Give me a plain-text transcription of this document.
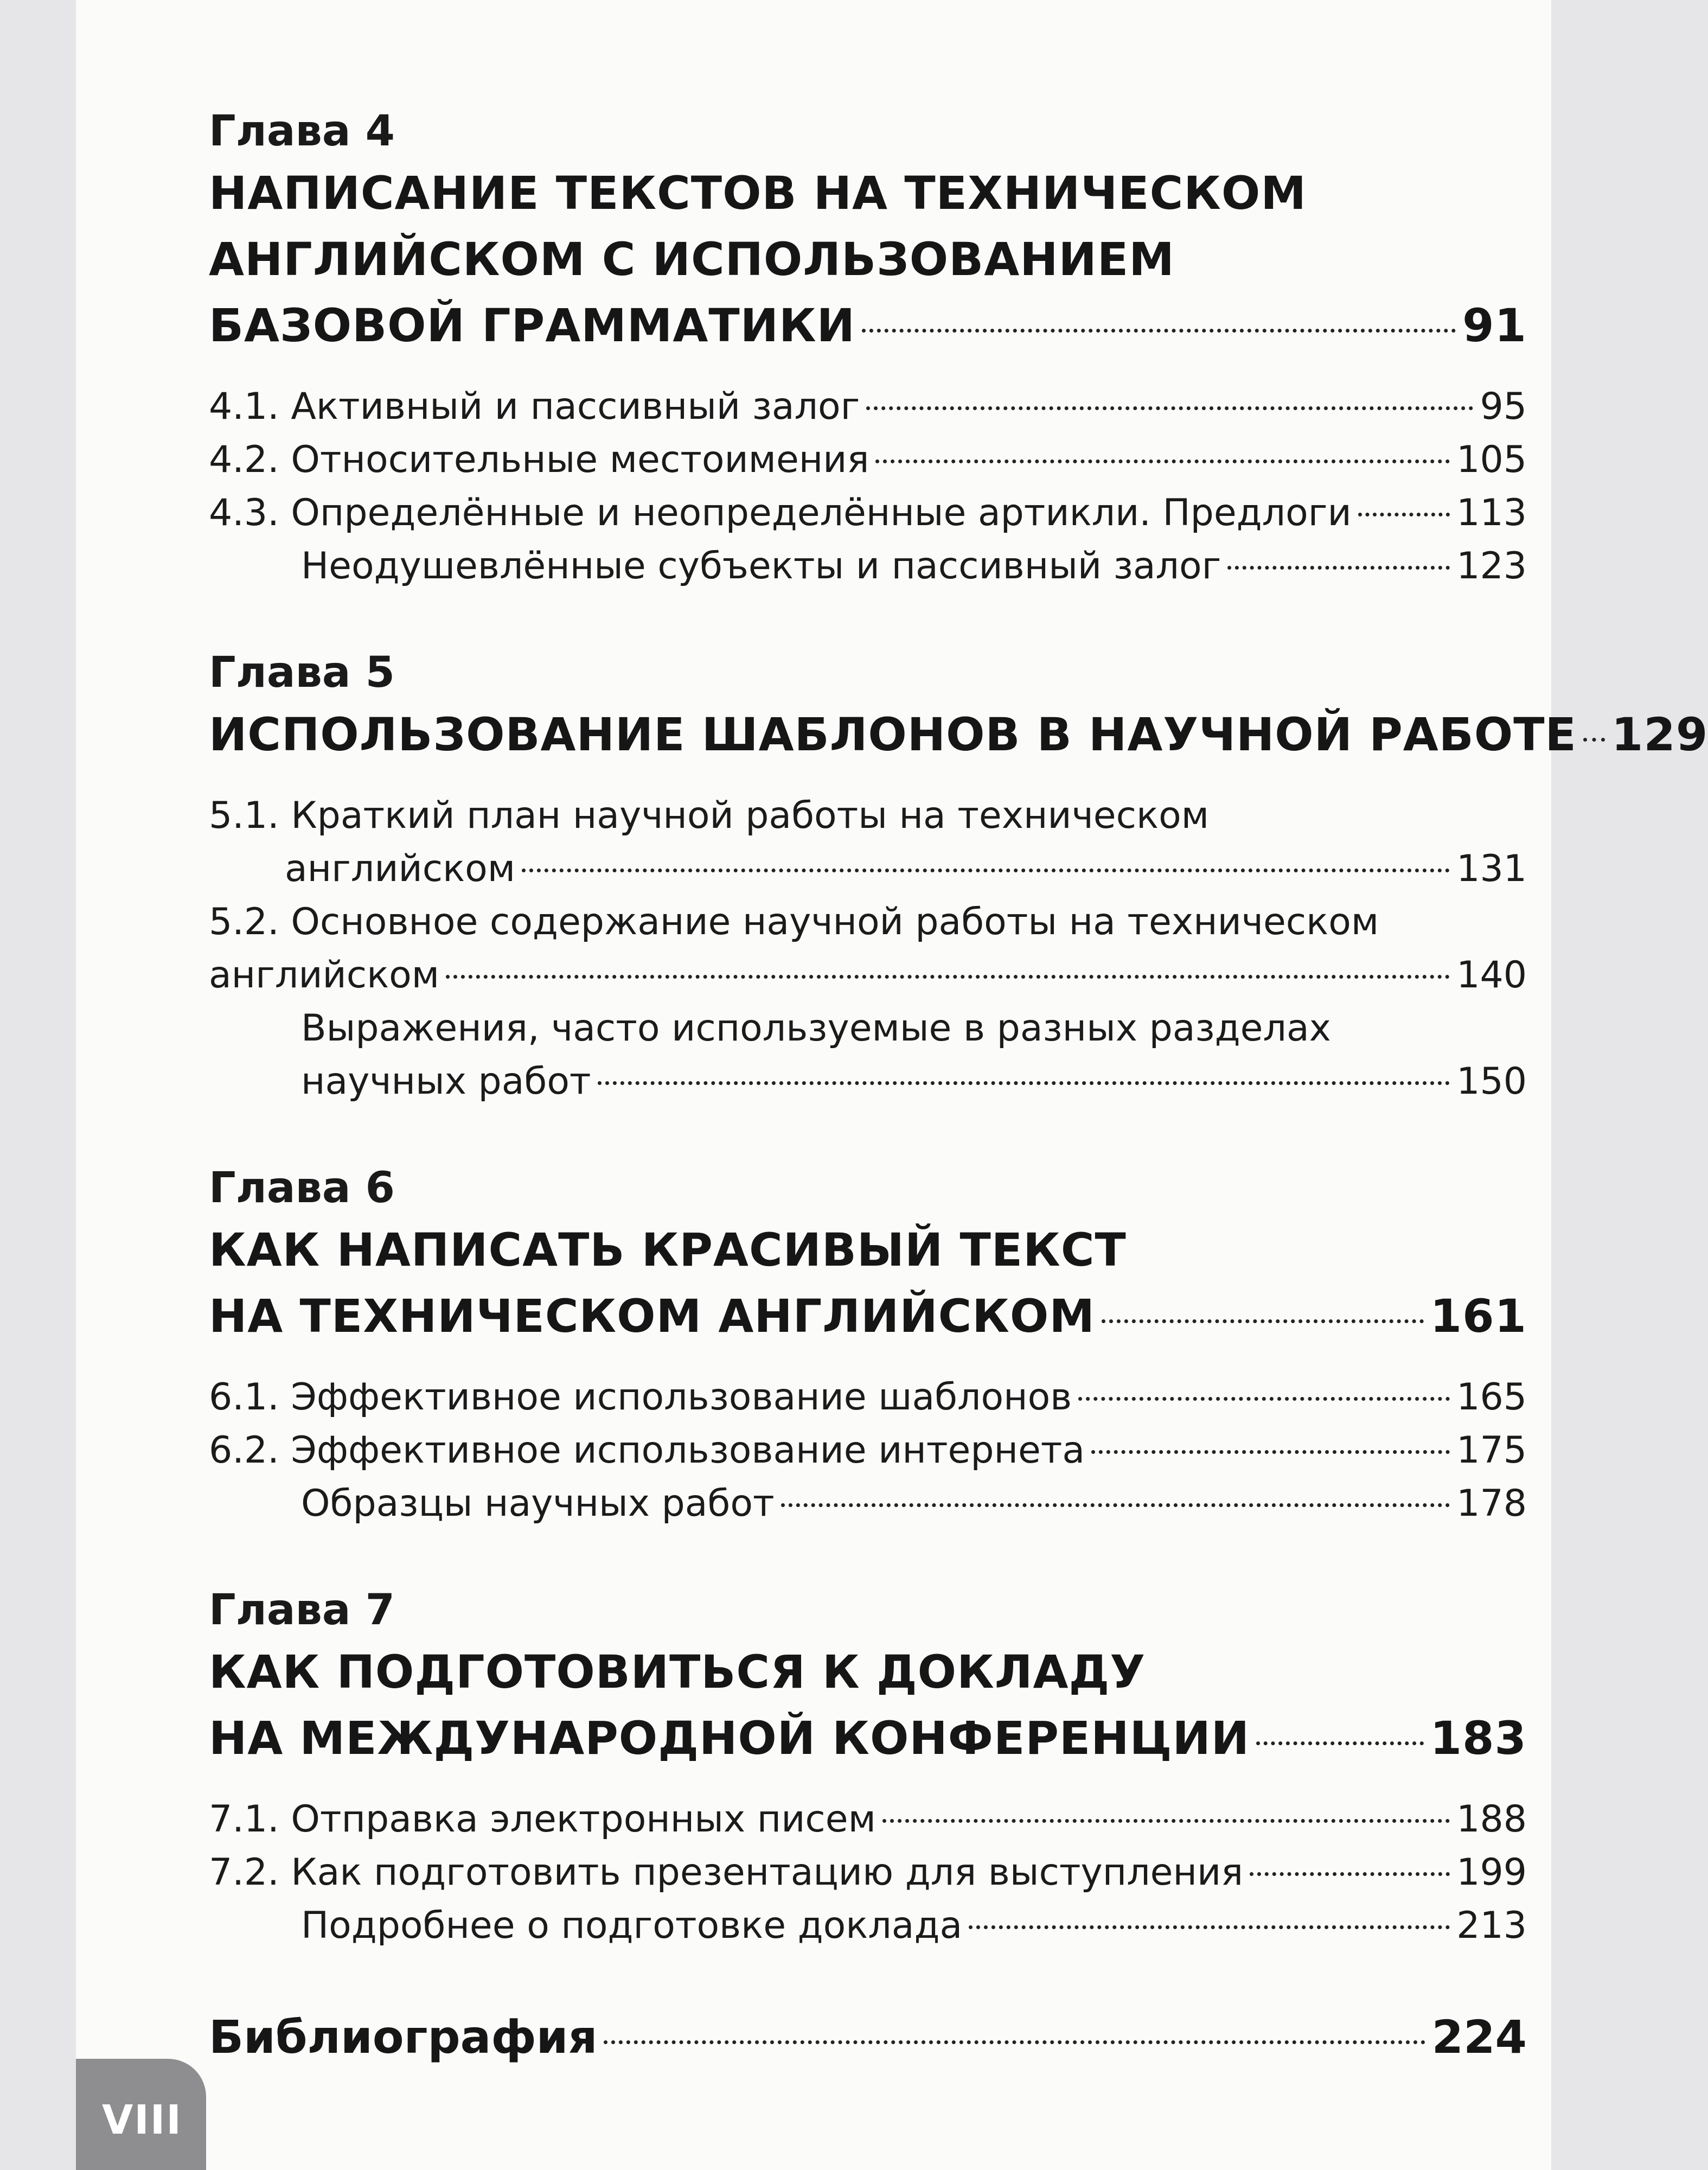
Глава 4
НАПИСАНИЕ ТЕКСТОВ НА ТЕХНИЧЕСКОМ
АНГЛИЙСКОМ С ИСПОЛЬЗОВАНИЕМ
БАЗОВОЙ ГРАММАТИКИ	91
4.1. Активный и пассивный залог	95
4.2. Относительные местоимения	105
4.3. Определённые и неопределённые артикли. Предлоги	113
Неодушевлённые субъекты и пассивный залог	123
Глава 5
ИСПОЛЬЗОВАНИЕ ШАБЛОНОВ В НАУЧНОЙ РАБОТЕ 129
5.1. Краткий план научной работы на техническом
английском	131
5.2. Основное содержание научной работы на техническом
английском	140
Выражения, часто используемые в разных разделах
научных работ	150
Глава 6
КАК НАПИСАТЬ КРАСИВЫЙ ТЕКСТ
НА ТЕХНИЧЕСКОМ АНГЛИЙСКОМ	161
6.1. Эффективное использование шаблонов	165
6.2. Эффективное использование интернета	175
Образцы научных работ	178
Глава 7
КАК ПОДГОТОВИТЬСЯ К ДОКЛАДУ
НА МЕЖДУНАРОДНОЙ КОНФЕРЕНЦИИ	183
7.1. Отправка электронных писем	188
7.2. Как подготовить презентацию для выступления	199
Подробнее о подготовке доклада	213
Библиография	224
VIII
